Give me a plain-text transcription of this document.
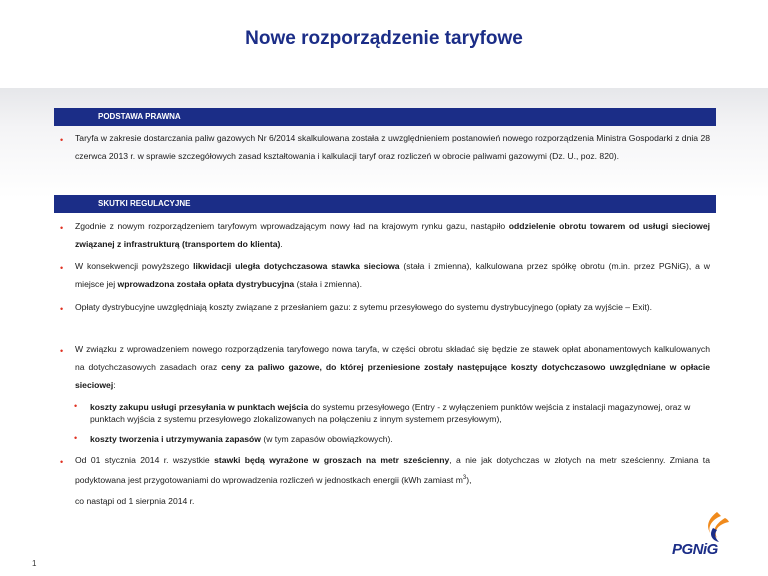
Nowe rozporządzenie taryfowe
PODSTAWA PRAWNA
• Taryfa w zakresie dostarczania paliw gazowych Nr 6/2014 skalkulowana została z uwzględnieniem postanowień nowego rozporządzenia Ministra Gospodarki z dnia 28 czerwca 2013 r. w sprawie szczegółowych zasad kształtowania i kalkulacji taryf oraz rozliczeń w obrocie paliwami gazowymi (Dz. U., poz. 820).
SKUTKI REGULACYJNE
• Zgodnie z nowym rozporządzeniem taryfowym wprowadzającym nowy ład na krajowym rynku gazu, nastąpiło oddzielenie obrotu towarem od usługi sieciowej związanej z infrastrukturą (transportem do klienta).
• W konsekwencji powyższego likwidacji uległa dotychczasowa stawka sieciowa (stała i zmienna), kalkulowana przez spółkę obrotu (m.in. przez PGNiG), a w miejsce jej wprowadzona została opłata dystrybucyjna (stała i zmienna).
• Opłaty dystrybucyjne uwzględniają koszty związane z przesłaniem gazu: z sytemu przesyłowego do systemu dystrybucyjnego (opłaty za wyjście – Exit).
• W związku z wprowadzeniem nowego rozporządzenia taryfowego nowa taryfa, w części obrotu składać się będzie ze stawek opłat abonamentowych kalkulowanych na dotychczasowych zasadach oraz ceny za paliwo gazowe, do której przeniesione zostały następujące koszty dotychczasowo uwzględniane w opłacie sieciowej:
• koszty zakupu usługi przesyłania w punktach wejścia do systemu przesyłowego (Entry - z wyłączeniem punktów wejścia z instalacji magazynowej, oraz w punktach wyjścia z systemu przesyłowego zlokalizowanych na połączeniu z innym systemem przesyłowym),
• koszty tworzenia i utrzymywania zapasów (w tym zapasów obowiązkowych).
• Od 01 stycznia 2014 r. wszystkie stawki będą wyrażone w groszach na metr sześcienny, a nie jak dotychczas w złotych na metr sześcienny. Zmiana ta podyktowana jest przygotowaniami do wprowadzenia rozliczeń w jednostkach energii (kWh zamiast $m^3$),
co nastąpi od 1 sierpnia 2014 r.
1
PGNiG
